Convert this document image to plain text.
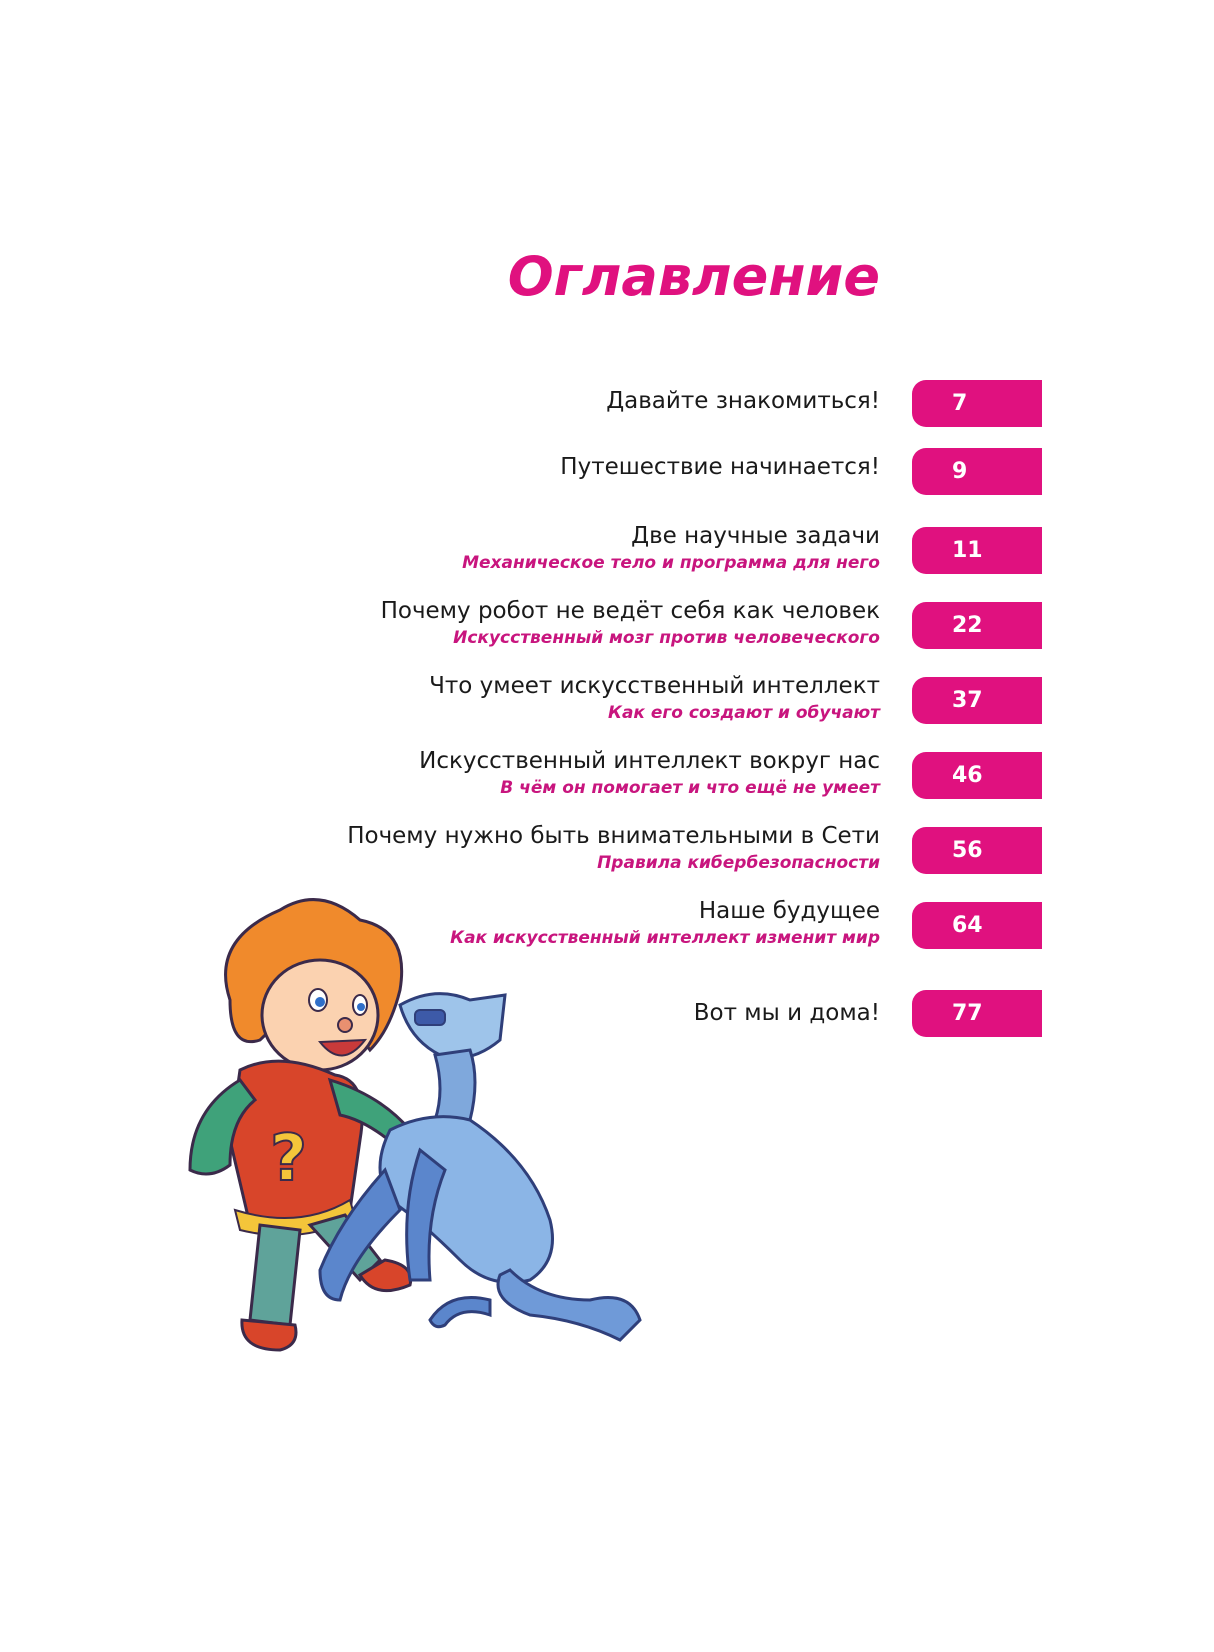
Оглавление
Давайте знакомиться!	7
Путешествие начинается!	9
Две научные задачи
Механическое тело и программа для него	11
Почему робот не ведёт себя как человек
Искусственный мозг против человеческого	22
Что умеет искусственный интеллект
Как его создают и обучают	37
Искусственный интеллект вокруг нас
В чём он помогает и что ещё не умеет	46
Почему нужно быть внимательными в Сети
Правила кибербезопасности	56
Наше будущее
Как искусственный интеллект изменит мир	64
Вот мы и дома!	77
?
